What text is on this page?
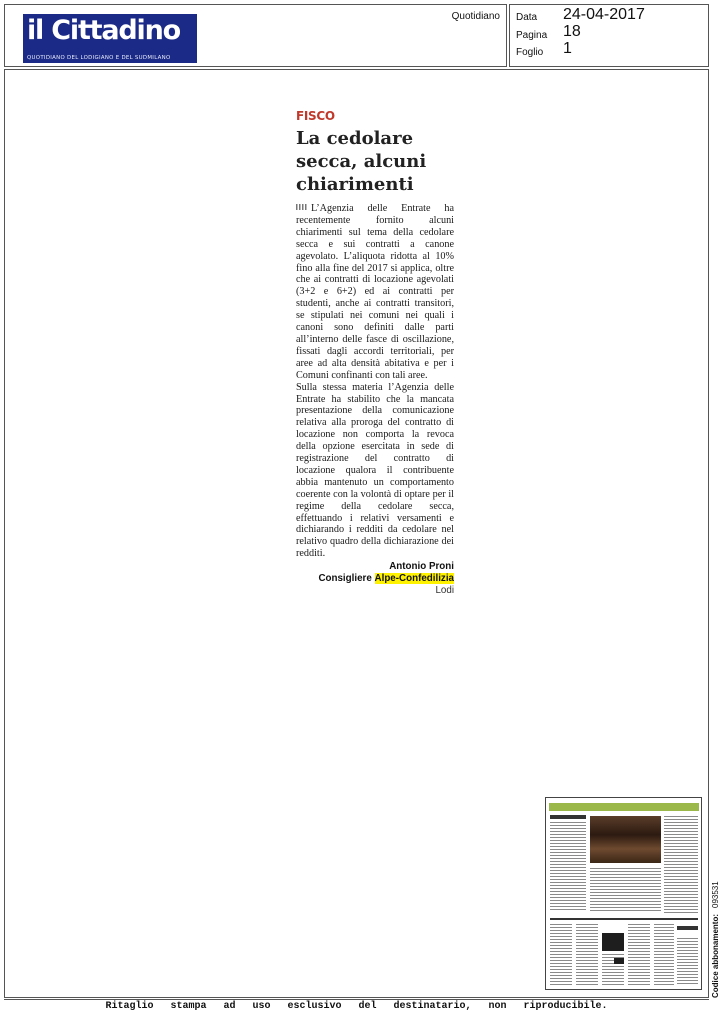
il Cittadino
QUOTIDIANO DEL LODIGIANO E DEL SUDMILANO
Quotidiano Data 24-04-2017
Pagina 18
Foglio 1
FISCO
La cedolare secca, alcuni chiarimenti

L’Agenzia delle Entrate ha recentemente fornito alcuni chiarimenti sul tema della cedolare secca e sui contratti a canone agevolato. L’aliquota ridotta al 10% fino alla fine del 2017 si applica, oltre che ai contratti di locazione agevolati (3+2 e 6+2) ed ai contratti per studenti, anche ai contratti transitori, se stipulati nei comuni nei quali i canoni sono definiti dalle parti all’interno delle fasce di oscillazione, fissati dagli accordi territoriali, per aree ad alta densità abitativa e per i Comuni confinanti con tali aree.

Sulla stessa materia l’Agenzia delle Entrate ha stabilito che la mancata presentazione della comunicazione relativa alla proroga del contratto di locazione non comporta la revoca della opzione esercitata in sede di registrazione del contratto di locazione qualora il contribuente abbia mantenuto un comportamento coerente con la volontà di optare per il regime della cedolare secca, effettuando i relativi versamenti e dichiarando i redditi da cedolare nel relativo quadro della dichiarazione dei redditi.

Antonio Proni
Consigliere Alpe-Confedilizia
Lodi
Codice abbonamento:093531
Ritaglio stampa ad uso esclusivo del destinatario, non riproducibile.
